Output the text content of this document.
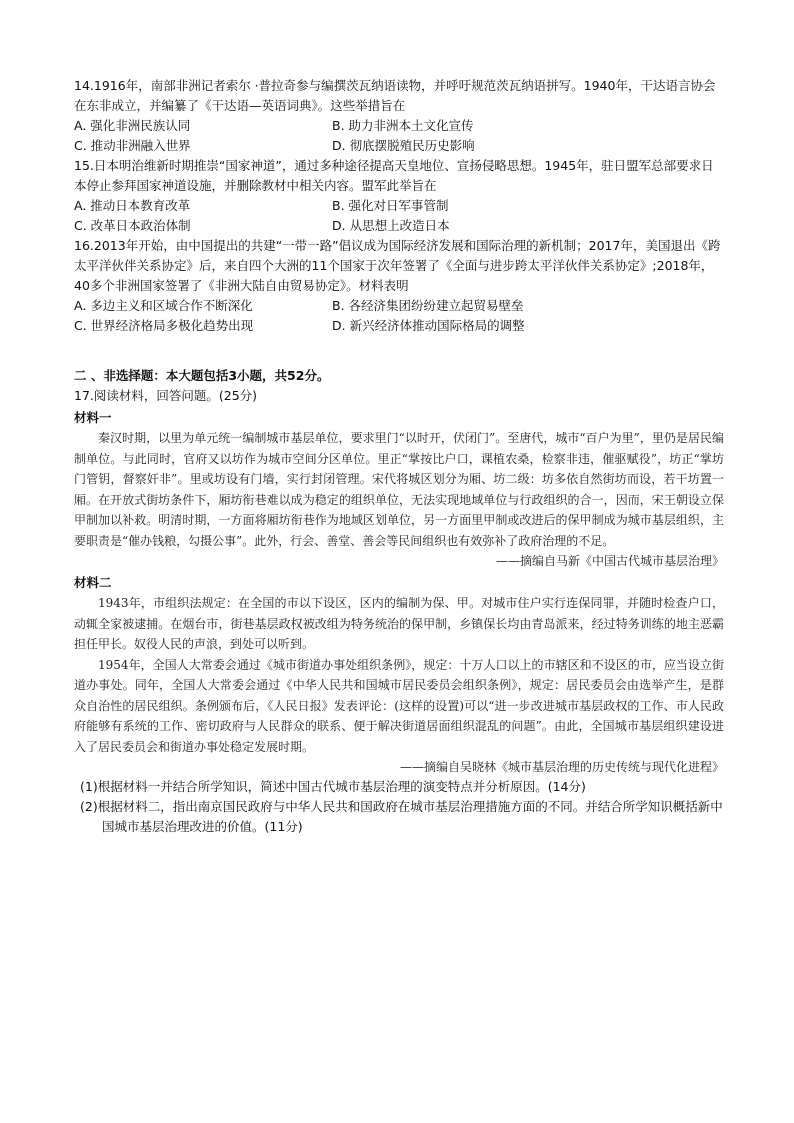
14.1916年，南部非洲记者索尔 ·普拉奇参与编撰茨瓦纳语读物，并呼吁规范茨瓦纳语拼写。1940年，干达语言协会在东非成立，并编纂了《干达语—英语词典》。这些举措旨在

A. 强化非洲民族认同	B. 助力非洲本土文化宣传
C. 推动非洲融入世界	D. 彻底摆脱殖民历史影响

15.日本明治维新时期推崇“国家神道”，通过多种途径提高天皇地位、宣扬侵略思想。1945年，驻日盟军总部要求日本停止参拜国家神道设施，并删除教材中相关内容。盟军此举旨在

A. 推动日本教育改革	B. 强化对日军事管制
C. 改革日本政治体制	D. 从思想上改造日本

16.2013年开始，由中国提出的共建“一带一路”倡议成为国际经济发展和国际治理的新机制；2017年，美国退出《跨太平洋伙伴关系协定》后，来自四个大洲的11个国家于次年签署了《全面与进步跨太平洋伙伴关系协定》;2018年，40多个非洲国家签署了《非洲大陆自由贸易协定》。材料表明

A. 多边主义和区域合作不断深化	B. 各经济集团纷纷建立起贸易壁垒
C. 世界经济格局多极化趋势出现	D. 新兴经济体推动国际格局的调整
二 、非选择题：本大题包括3小题，共52分。

17.阅读材料，回答问题。(25分)

材料一

秦汉时期，以里为单元统一编制城市基层单位，要求里门“以时开，伏闭门”。至唐代，城市“百户为里”，里仍是居民编制单位。与此同时，官府又以坊作为城市空间分区单位。里正“掌按比户口，课植农桑，检察非违，催驱赋役”，坊正“掌坊门管钥，督察奸非”。里或坊设有门墙，实行封闭管理。宋代将城区划分为厢、坊二级：坊多依自然街坊而设，若干坊置一厢。在开放式街坊条件下，厢坊衔巷难以成为稳定的组织单位，无法实现地域单位与行政组织的合一，因而，宋王朝设立保甲制加以补救。明清时期，一方面将厢坊衔巷作为地域区划单位，另一方面里甲制或改进后的保甲制成为城市基层组织，主要职责是“催办钱粮，勾摄公事”。此外，行会、善堂、善会等民间组织也有效弥补了政府治理的不足。

——摘编自马新《中国古代城市基层治理》
材料二

1943年，市组织法规定：在全国的市以下设区，区内的编制为保、甲。对城市住户实行连保同罪，并随时检查户口，动辄全家被逮捕。在烟台市，街巷基层政权被改组为特务统治的保甲制，乡镇保长均由青岛派来，经过特务训练的地主恶霸担任甲长。奴役人民的声浪，到处可以听到。

1954年，全国人大常委会通过《城市街道办事处组织条例》，规定：十万人口以上的市辖区和不设区的市，应当设立街道办事处。同年，全国人大常委会通过《中华人民共和国城市居民委员会组织条例》，规定：居民委员会由选举产生，是群众自治性的居民组织。条例颁布后，《人民日报》发表评论：(这样的设置)可以“进一步改进城市基层政权的工作、市人民政府能够有系统的工作、密切政府与人民群众的联系、便于解决街道居面组织混乱的问题”。由此，全国城市基层组织建设进入了居民委员会和街道办事处稳定发展时期。

——摘编自吴晓林《城市基层治理的历史传统与现代化进程》

(1)根据材料一并结合所学知识，简述中国古代城市基层治理的演变特点并分析原因。(14分)

(2)根据材料二，指出南京国民政府与中华人民共和国政府在城市基层治理措施方面的不同。并结合所学知识概括新中国城市基层治理改进的价值。(11分)
